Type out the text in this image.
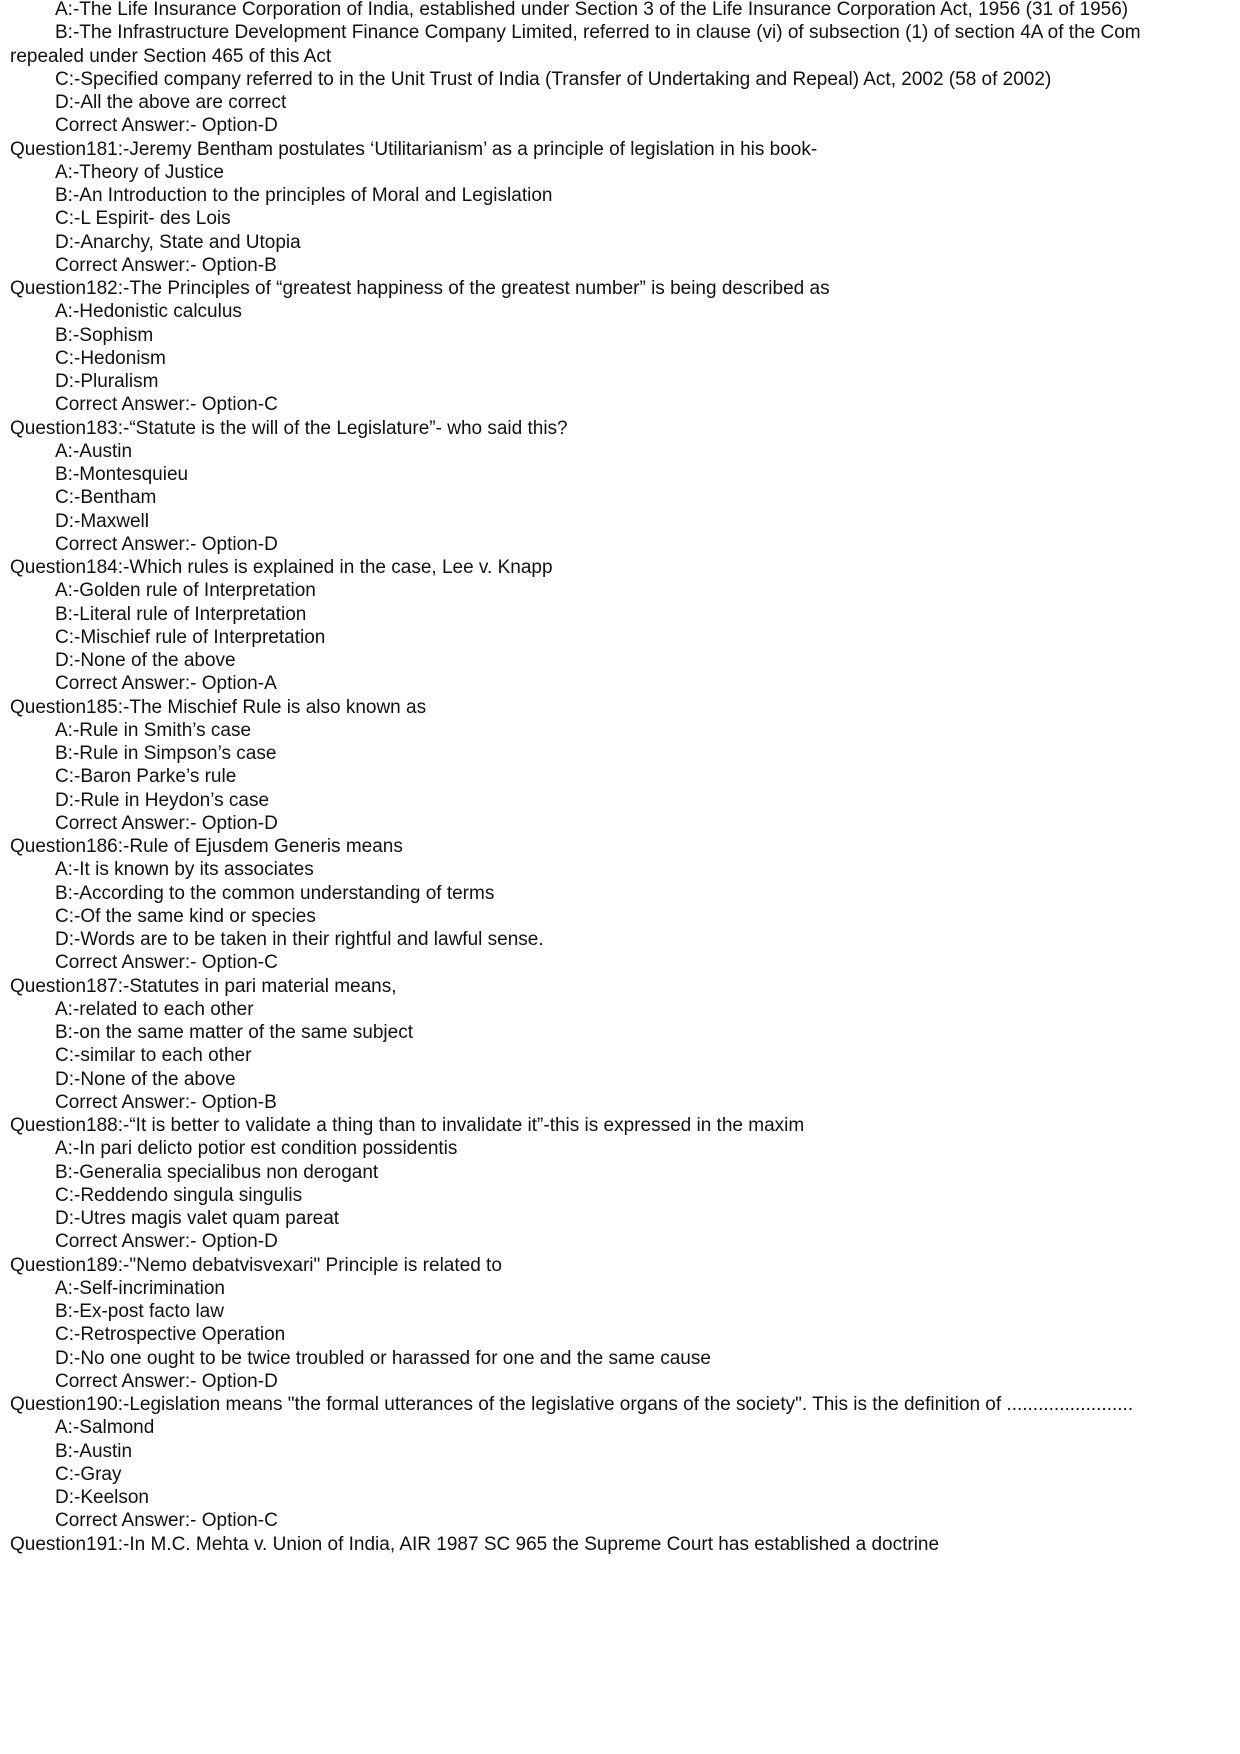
A:-The Life Insurance Corporation of India, established under Section 3 of the Life Insurance Corporation Act, 1956 (31 of 1956)
B:-The Infrastructure Development Finance Company Limited, referred to in clause (vi) of subsection (1) of section 4A of the Com
repealed under Section 465 of this Act
C:-Specified company referred to in the Unit Trust of India (Transfer of Undertaking and Repeal) Act, 2002 (58 of 2002)
D:-All the above are correct
Correct Answer:- Option-D
Question181:-Jeremy Bentham postulates ‘Utilitarianism’ as a principle of legislation in his book-
A:-Theory of Justice
B:-An Introduction to the principles of Moral and Legislation
C:-L Espirit- des Lois
D:-Anarchy, State and Utopia
Correct Answer:- Option-B
Question182:-The Principles of “greatest happiness of the greatest number” is being described as
A:-Hedonistic calculus
B:-Sophism
C:-Hedonism
D:-Pluralism
Correct Answer:- Option-C
Question183:-“Statute is the will of the Legislature”- who said this?
A:-Austin
B:-Montesquieu
C:-Bentham
D:-Maxwell
Correct Answer:- Option-D
Question184:-Which rules is explained in the case, Lee v. Knapp
A:-Golden rule of Interpretation
B:-Literal rule of Interpretation
C:-Mischief rule of Interpretation
D:-None of the above
Correct Answer:- Option-A
Question185:-The Mischief Rule is also known as
A:-Rule in Smith’s case
B:-Rule in Simpson’s case
C:-Baron Parke’s rule
D:-Rule in Heydon’s case
Correct Answer:- Option-D
Question186:-Rule of Ejusdem Generis means
A:-It is known by its associates
B:-According to the common understanding of terms
C:-Of the same kind or species
D:-Words are to be taken in their rightful and lawful sense.
Correct Answer:- Option-C
Question187:-Statutes in pari material means,
A:-related to each other
B:-on the same matter of the same subject
C:-similar to each other
D:-None of the above
Correct Answer:- Option-B
Question188:-“It is better to validate a thing than to invalidate it”-this is expressed in the maxim
A:-In pari delicto potior est condition possidentis
B:-Generalia specialibus non derogant
C:-Reddendo singula singulis
D:-Utres magis valet quam pareat
Correct Answer:- Option-D
Question189:-"Nemo debatvisvexari" Principle is related to
A:-Self-incrimination
B:-Ex-post facto law
C:-Retrospective Operation
D:-No one ought to be twice troubled or harassed for one and the same cause
Correct Answer:- Option-D
Question190:-Legislation means "the formal utterances of the legislative organs of the society". This is the definition of ........................
A:-Salmond
B:-Austin
C:-Gray
D:-Keelson
Correct Answer:- Option-C
Question191:-In M.C. Mehta v. Union of India, AIR 1987 SC 965 the Supreme Court has established a doctrine
